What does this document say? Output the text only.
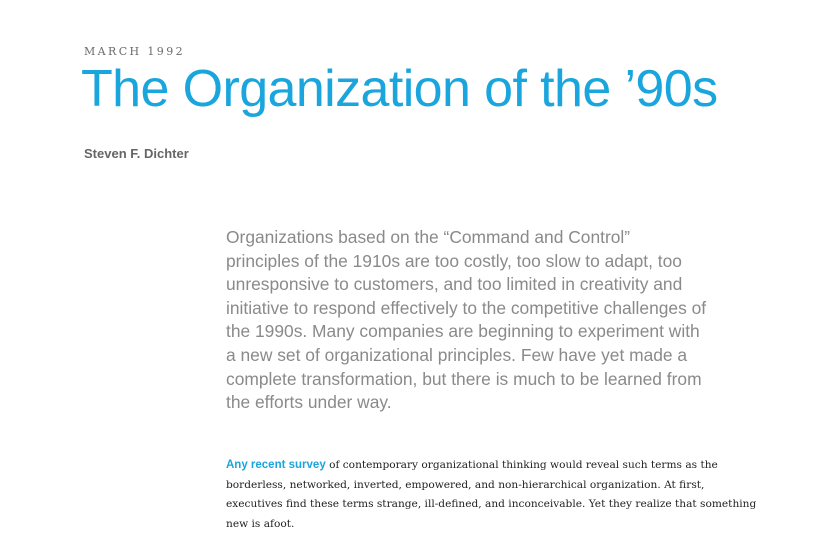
MARCH 1992
The Organization of the ’90s
Steven F. Dichter

Organizations based on the “Command and Control”
principles of the 1910s are too costly, too slow to adapt, too
unresponsive to customers, and too limited in creativity and
initiative to respond effectively to the competitive challenges of
the 1990s. Many companies are beginning to experiment with
a new set of organizational principles. Few have yet made a
complete transformation, but there is much to be learned from
the efforts under way.

Any recent survey of contemporary organizational thinking would reveal such terms as the
borderless, networked, inverted, empowered, and non-hierarchical organization. At first,
executives find these terms strange, ill-defined, and inconceivable. Yet they realize that something
new is afoot.
